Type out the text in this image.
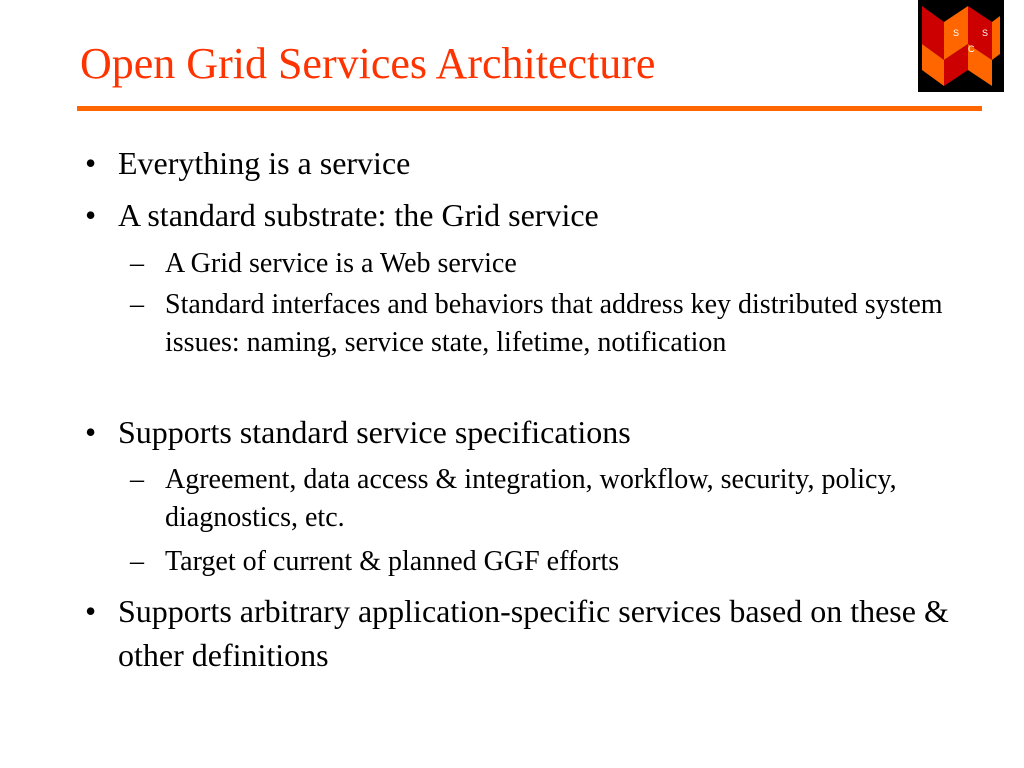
Open Grid Services Architecture
S	S
C
• Everything is a service
• A standard substrate: the Grid service
– A Grid service is a Web service
– Standard interfaces and behaviors that address key distributed system issues: naming, service state, lifetime, notification
• Supports standard service specifications
– Agreement, data access & integration, workflow, security, policy, diagnostics, etc.
– Target of current & planned GGF efforts
• Supports arbitrary application-specific services based on these & other definitions
